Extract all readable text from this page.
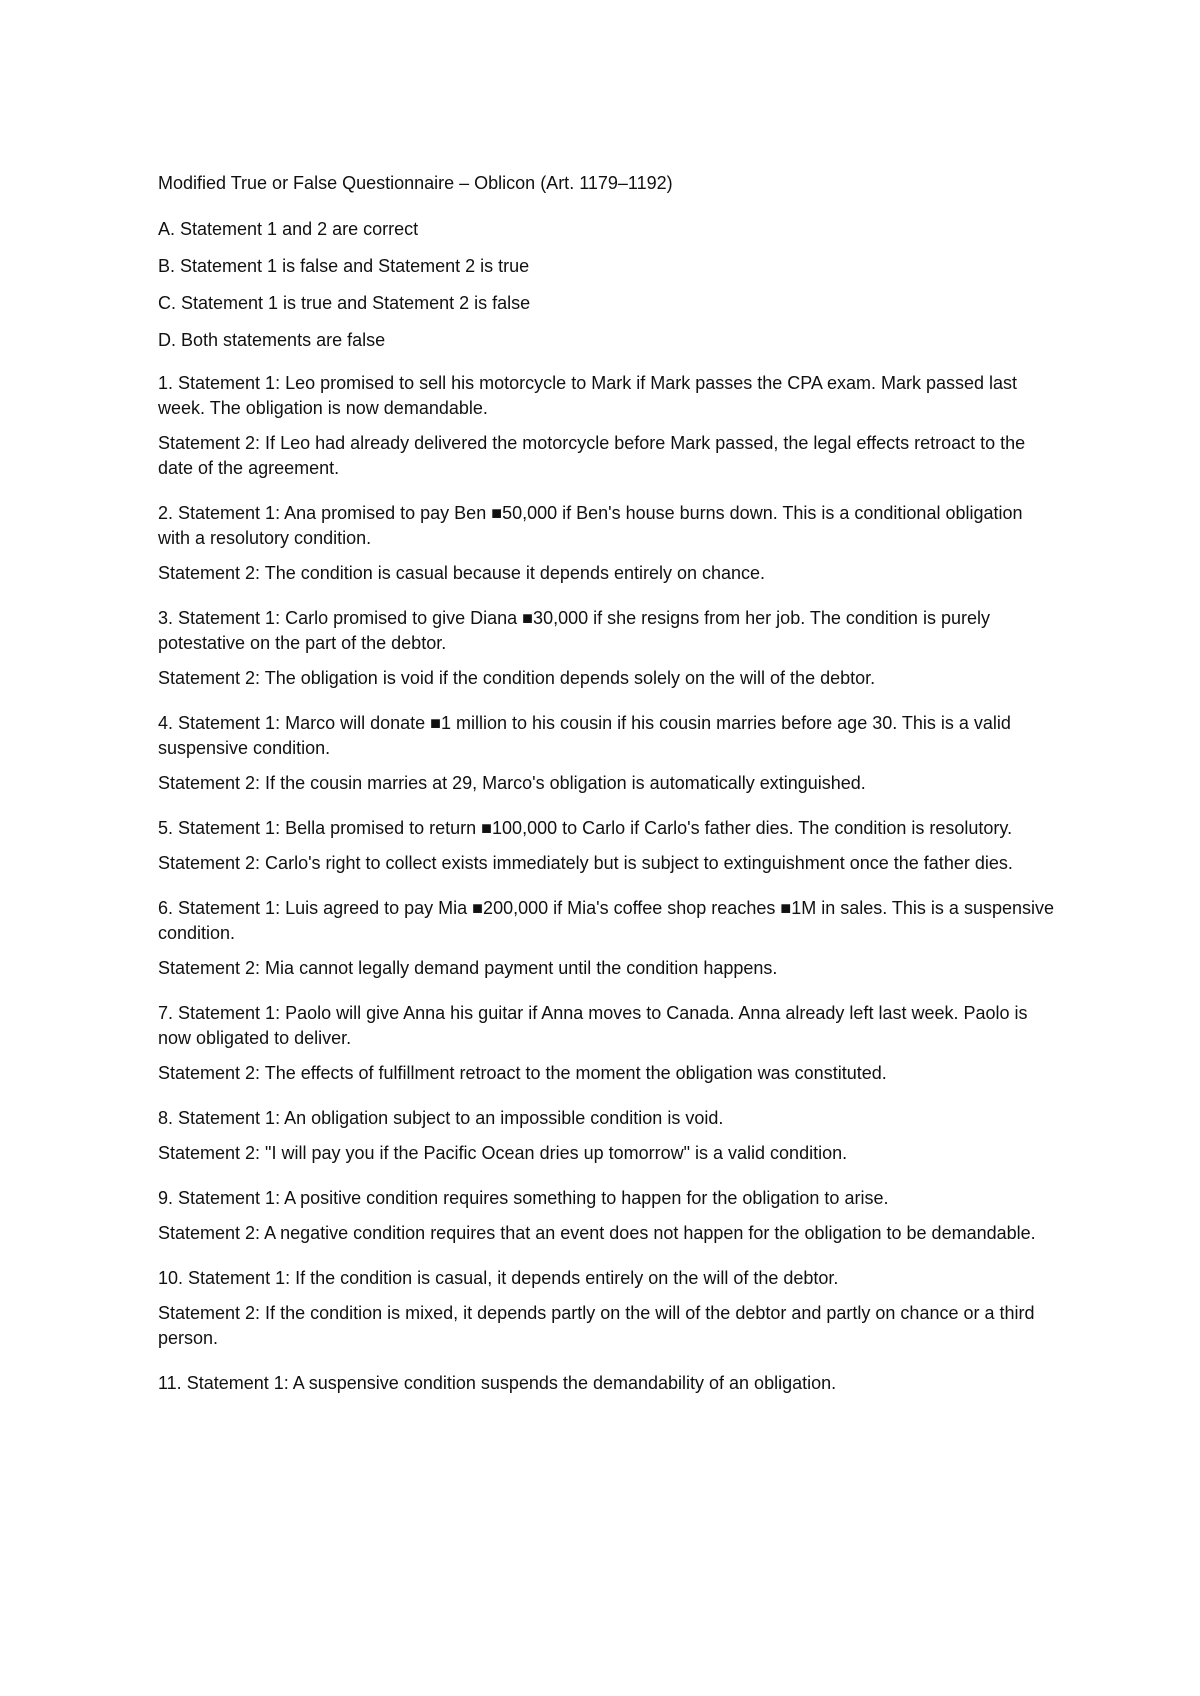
Modified True or False Questionnaire – Oblicon (Art. 1179–1192)
A. Statement 1 and 2 are correct
B. Statement 1 is false and Statement 2 is true
C. Statement 1 is true and Statement 2 is false
D. Both statements are false
1. Statement 1: Leo promised to sell his motorcycle to Mark if Mark passes the CPA exam. Mark passed last week. The obligation is now demandable.
Statement 2: If Leo had already delivered the motorcycle before Mark passed, the legal effects retroact to the date of the agreement.
2. Statement 1: Ana promised to pay Ben ■50,000 if Ben's house burns down. This is a conditional obligation with a resolutory condition.
Statement 2: The condition is casual because it depends entirely on chance.
3. Statement 1: Carlo promised to give Diana ■30,000 if she resigns from her job. The condition is purely potestative on the part of the debtor.
Statement 2: The obligation is void if the condition depends solely on the will of the debtor.
4. Statement 1: Marco will donate ■1 million to his cousin if his cousin marries before age 30. This is a valid suspensive condition.
Statement 2: If the cousin marries at 29, Marco's obligation is automatically extinguished.
5. Statement 1: Bella promised to return ■100,000 to Carlo if Carlo's father dies. The condition is resolutory.
Statement 2: Carlo's right to collect exists immediately but is subject to extinguishment once the father dies.
6. Statement 1: Luis agreed to pay Mia ■200,000 if Mia's coffee shop reaches ■1M in sales. This is a suspensive condition.
Statement 2: Mia cannot legally demand payment until the condition happens.
7. Statement 1: Paolo will give Anna his guitar if Anna moves to Canada. Anna already left last week. Paolo is now obligated to deliver.
Statement 2: The effects of fulfillment retroact to the moment the obligation was constituted.
8. Statement 1: An obligation subject to an impossible condition is void.
Statement 2: "I will pay you if the Pacific Ocean dries up tomorrow" is a valid condition.
9. Statement 1: A positive condition requires something to happen for the obligation to arise.
Statement 2: A negative condition requires that an event does not happen for the obligation to be demandable.
10. Statement 1: If the condition is casual, it depends entirely on the will of the debtor.
Statement 2: If the condition is mixed, it depends partly on the will of the debtor and partly on chance or a third person.
11. Statement 1: A suspensive condition suspends the demandability of an obligation.
